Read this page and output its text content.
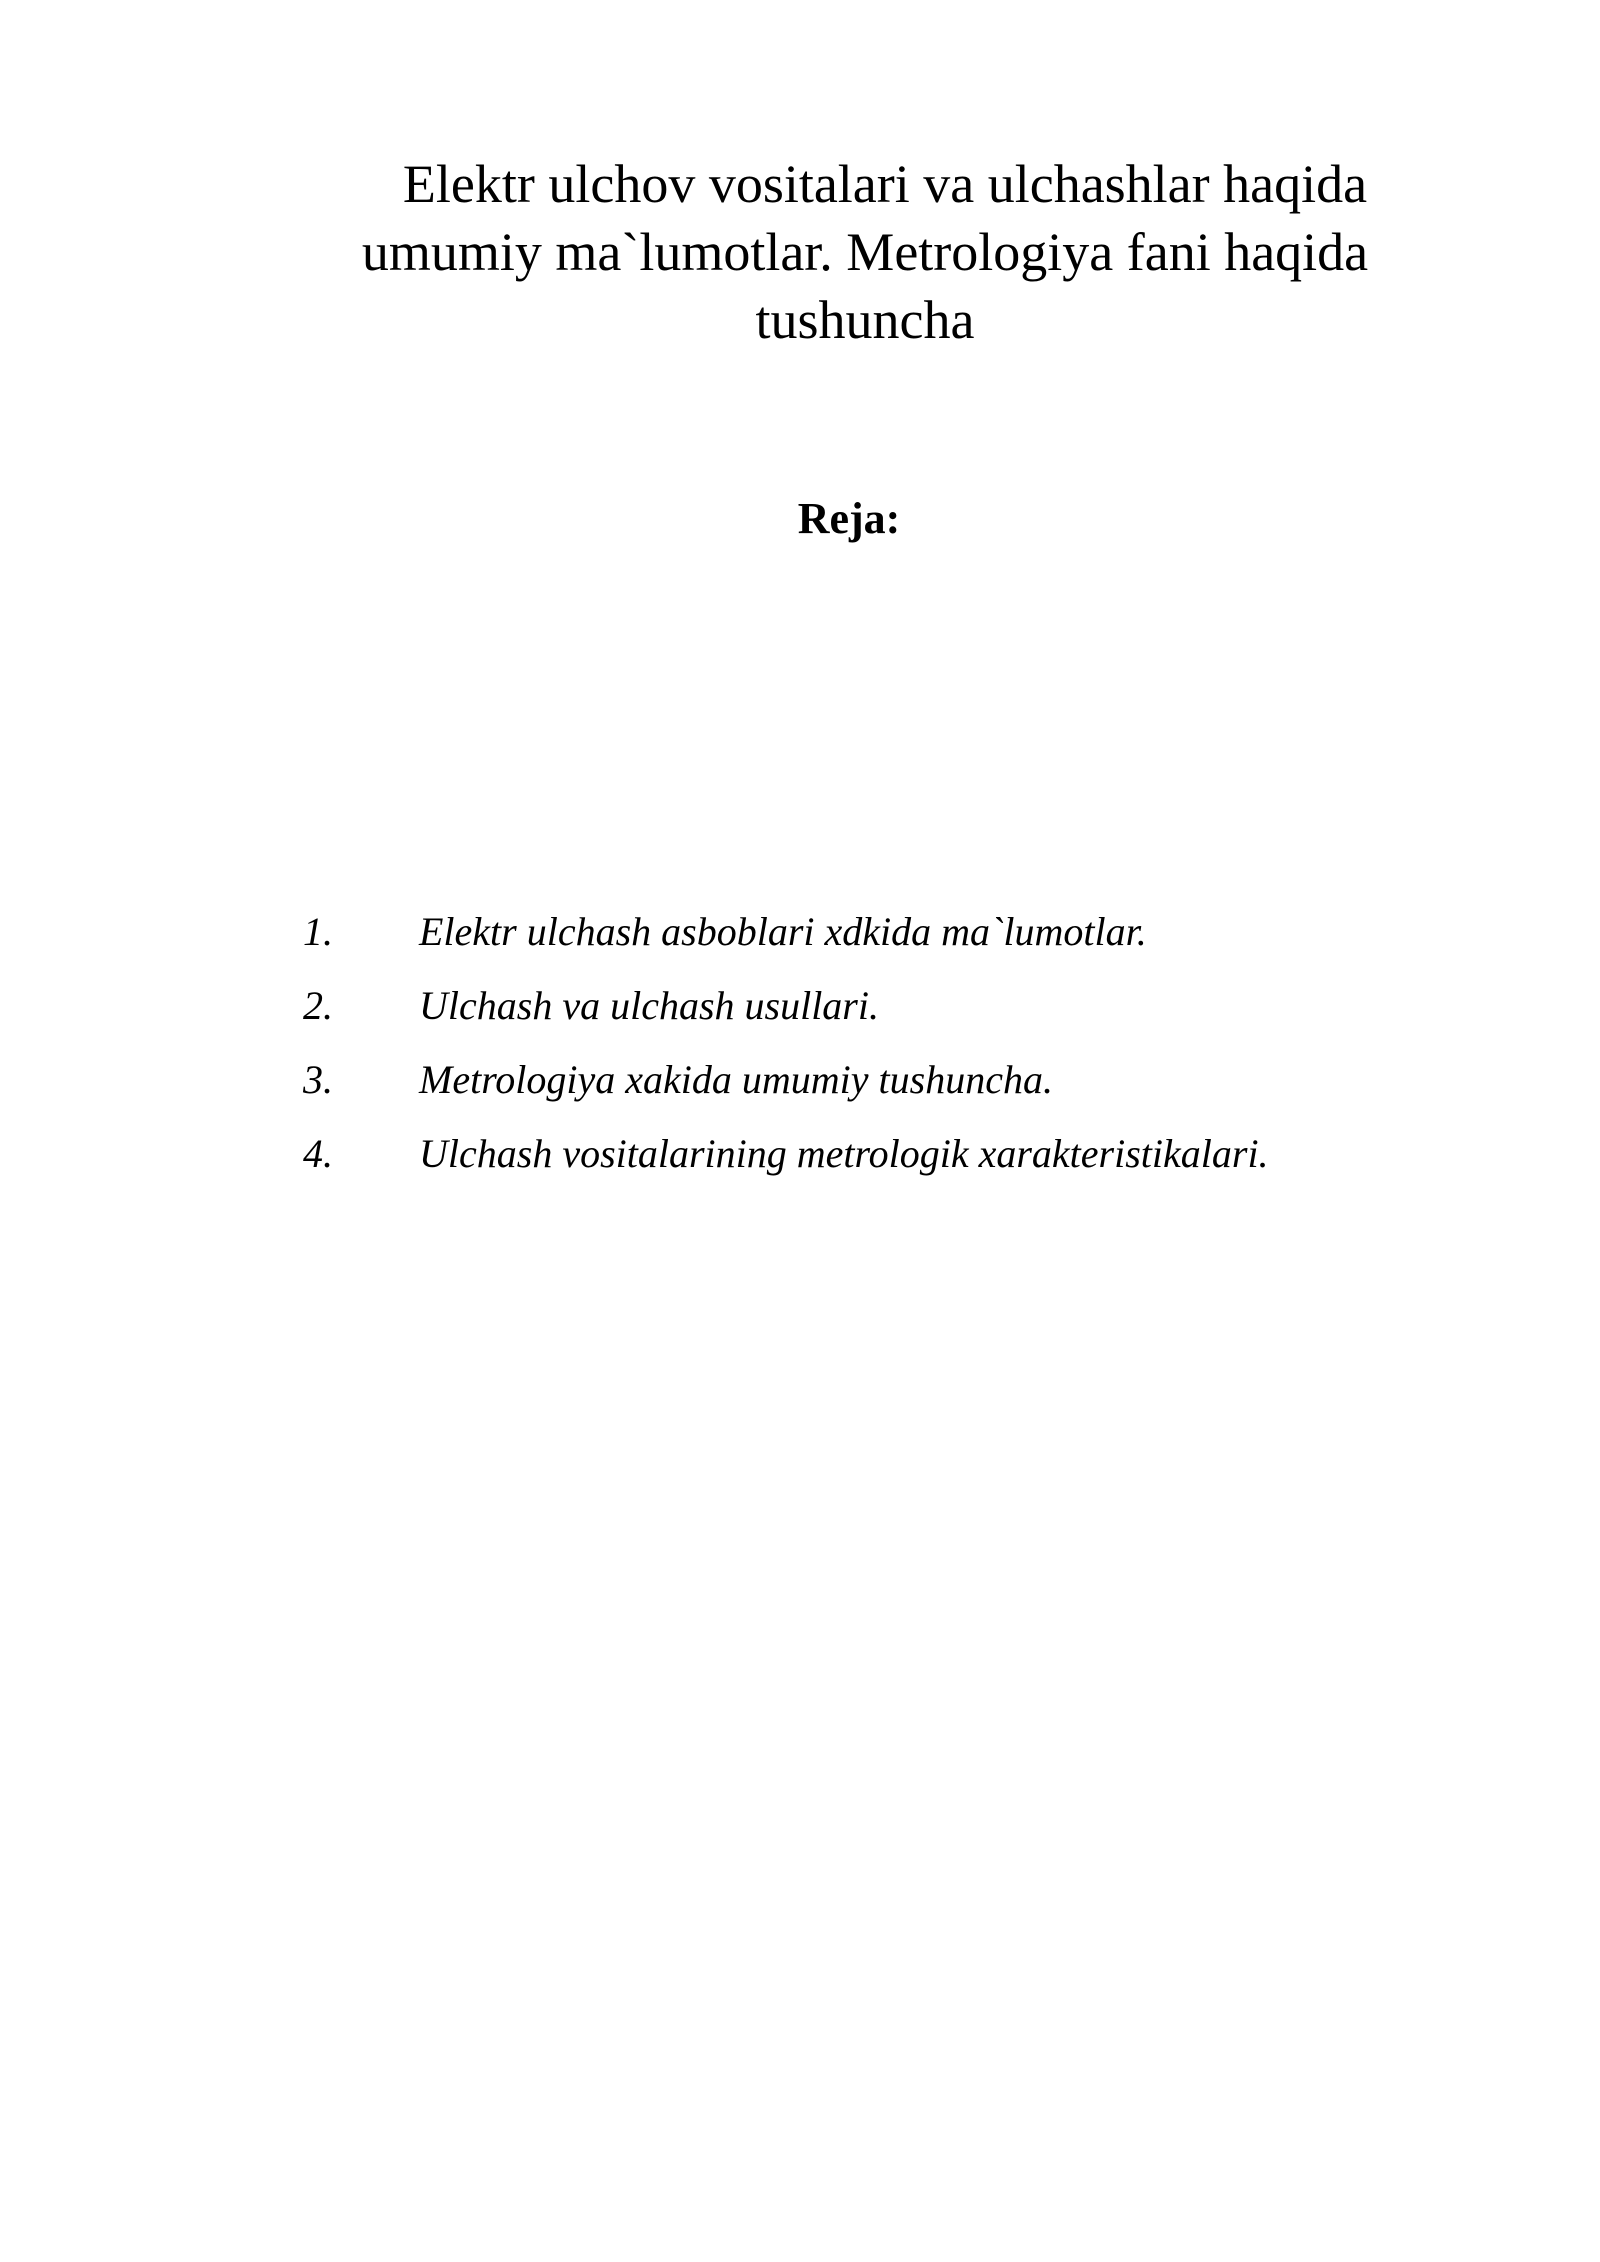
Elektr ulchov vositalari va ulchashlar haqida
umumiy ma`lumotlar. Metrologiya fani haqida
tushuncha
Reja:
1. Elektr ulchash asboblari xdkida ma`lumotlar.
2. Ulchash va ulchash usullari.
3. Metrologiya xakida umumiy tushuncha.
4. Ulchash vositalarining metrologik xarakteristikalari.
